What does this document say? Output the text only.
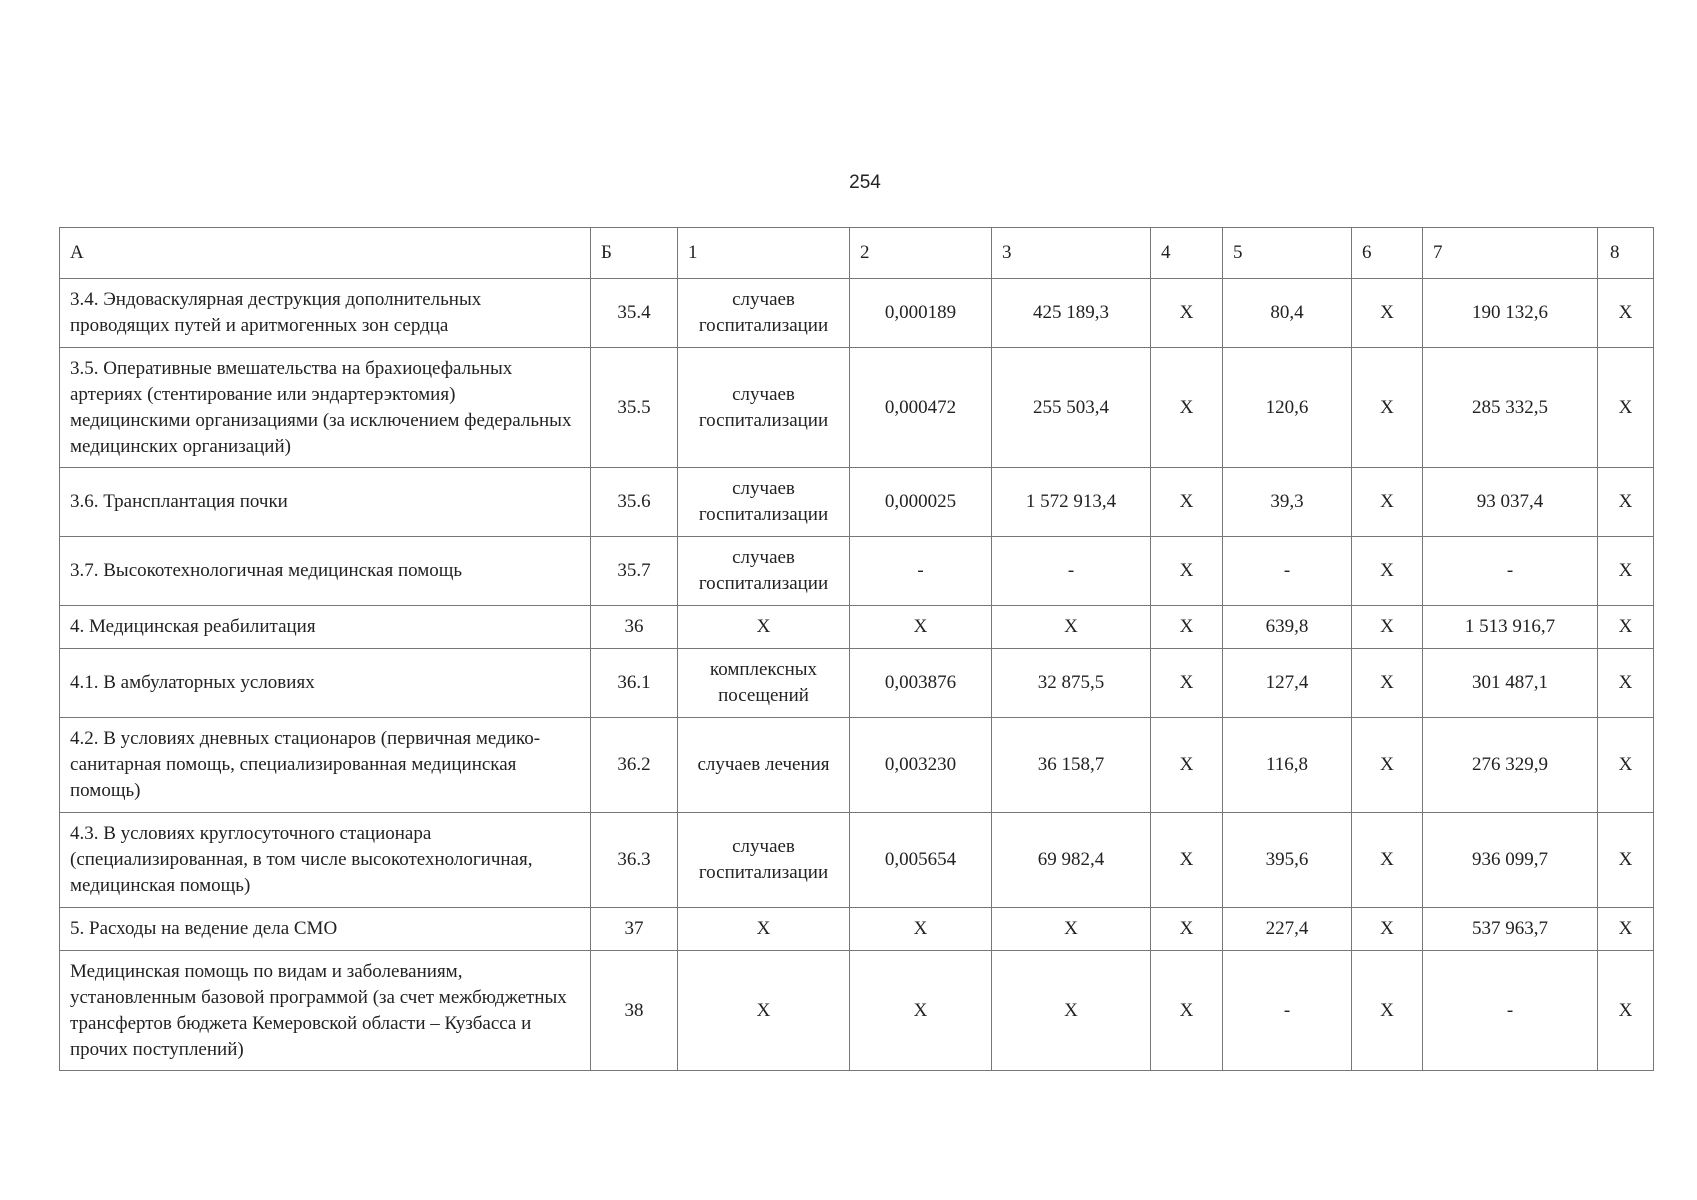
254
А	Б	1	2	3	4	5	6	7	8
3.4. Эндоваскулярная деструкция дополнительных проводящих путей и аритмогенных зон сердца	35.4	случаев госпитализации	0,000189	425 189,3	X	80,4	X	190 132,6	X
3.5. Оперативные вмешательства на брахиоцефальных артериях (стентирование или эндартерэктомия) медицинскими организациями (за исключением федеральных медицинских организаций)	35.5	случаев госпитализации	0,000472	255 503,4	X	120,6	X	285 332,5	X
3.6. Трансплантация почки	35.6	случаев госпитализации	0,000025	1 572 913,4	X	39,3	X	93 037,4	X
3.7. Высокотехнологичная медицинская помощь	35.7	случаев госпитализации	-	-	X	-	X	-	X
4. Медицинская реабилитация	36	X	X	X	X	639,8	X	1 513 916,7	X
4.1. В амбулаторных условиях	36.1	комплексных посещений	0,003876	32 875,5	X	127,4	X	301 487,1	X
4.2. В условиях дневных стационаров (первичная медико-санитарная помощь, специализированная медицинская помощь)	36.2	случаев лечения	0,003230	36 158,7	X	116,8	X	276 329,9	X
4.3. В условиях круглосуточного стационара (специализированная, в том числе высокотехнологичная, медицинская помощь)	36.3	случаев госпитализации	0,005654	69 982,4	X	395,6	X	936 099,7	X
5. Расходы на ведение дела СМО	37	X	X	X	X	227,4	X	537 963,7	X
Медицинская помощь по видам и заболеваниям, установленным базовой программой (за счет межбюджетных трансфертов бюджета Кемеровской области – Кузбасса и прочих поступлений)	38	X	X	X	X	-	X	-	X
